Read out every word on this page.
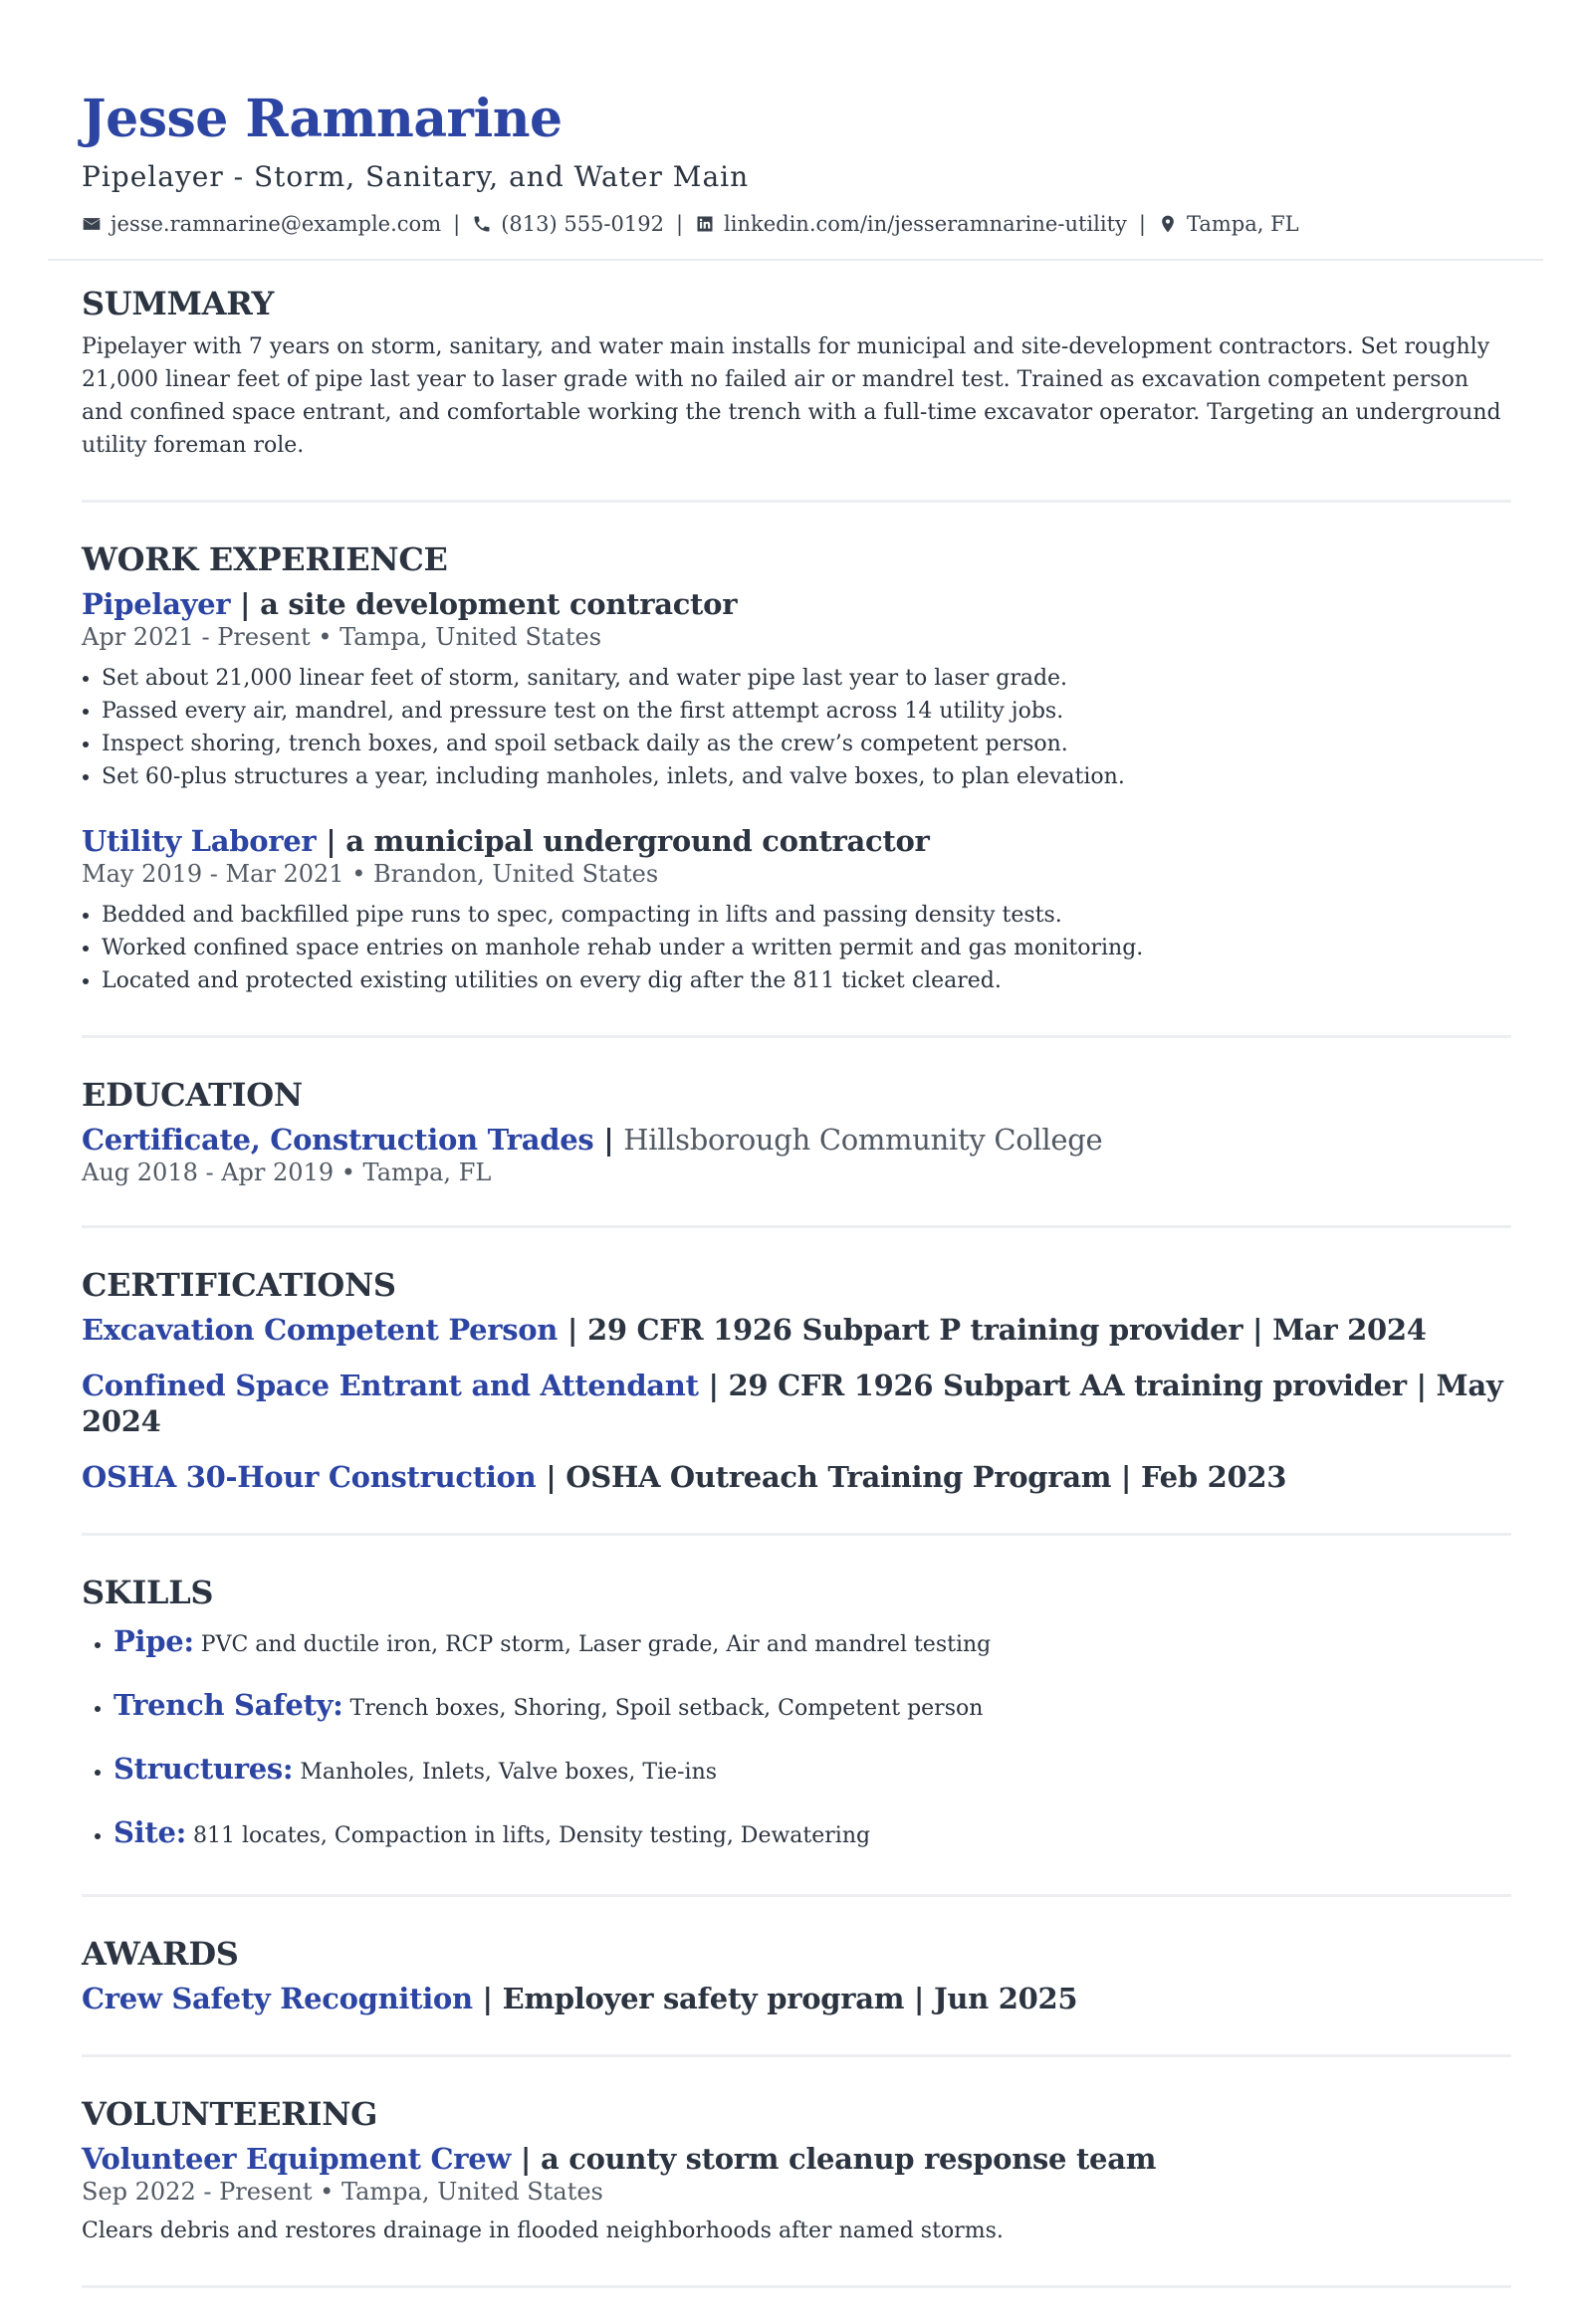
Jesse Ramnarine
Pipelayer - Storm, Sanitary, and Water Main
jesse.ramnarine@example.com | (813) 555-0192 | linkedin.com/in/jesseramnarine-utility | Tampa, FL
SUMMARY
Pipelayer with 7 years on storm, sanitary, and water main installs for municipal and site-development contractors. Set roughly 21,000 linear feet of pipe last year to laser grade with no failed air or mandrel test. Trained as excavation competent person and confined space entrant, and comfortable working the trench with a full-time excavator operator. Targeting an underground utility foreman role.
WORK EXPERIENCE
Pipelayer | a site development contractor
Apr 2021 - Present • Tampa, United States
• Set about 21,000 linear feet of storm, sanitary, and water pipe last year to laser grade.
• Passed every air, mandrel, and pressure test on the first attempt across 14 utility jobs.
• Inspect shoring, trench boxes, and spoil setback daily as the crew’s competent person.
• Set 60-plus structures a year, including manholes, inlets, and valve boxes, to plan elevation.
Utility Laborer | a municipal underground contractor
May 2019 - Mar 2021 • Brandon, United States
• Bedded and backfilled pipe runs to spec, compacting in lifts and passing density tests.
• Worked confined space entries on manhole rehab under a written permit and gas monitoring.
• Located and protected existing utilities on every dig after the 811 ticket cleared.
EDUCATION
Certificate, Construction Trades | Hillsborough Community College
Aug 2018 - Apr 2019 • Tampa, FL
CERTIFICATIONS
Excavation Competent Person | 29 CFR 1926 Subpart P training provider | Mar 2024
Confined Space Entrant and Attendant | 29 CFR 1926 Subpart AA training provider | May 2024
OSHA 30-Hour Construction | OSHA Outreach Training Program | Feb 2023
SKILLS
• Pipe: PVC and ductile iron, RCP storm, Laser grade, Air and mandrel testing
• Trench Safety: Trench boxes, Shoring, Spoil setback, Competent person
• Structures: Manholes, Inlets, Valve boxes, Tie-ins
• Site: 811 locates, Compaction in lifts, Density testing, Dewatering
AWARDS
Crew Safety Recognition | Employer safety program | Jun 2025
VOLUNTEERING
Volunteer Equipment Crew | a county storm cleanup response team
Sep 2022 - Present • Tampa, United States
Clears debris and restores drainage in flooded neighborhoods after named storms.
